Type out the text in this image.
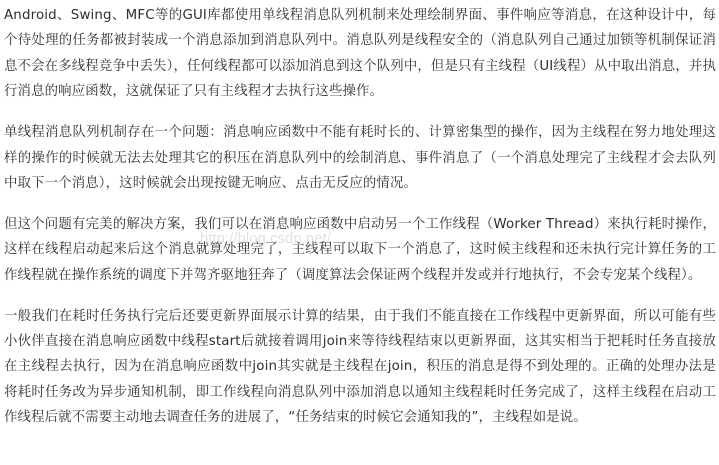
Android、Swing、MFC等的GUI库都使用单线程消息队列机制来处理绘制界面、事件响应等消息，在这种设计中，每个待处理的任务都被封装成一个消息添加到消息队列中。消息队列是线程安全的（消息队列自己通过加锁等机制保证消息不会在多线程竞争中丢失），任何线程都可以添加消息到这个队列中，但是只有主线程（UI线程）从中取出消息，并执行消息的响应函数，这就保证了只有主线程才去执行这些操作。

单线程消息队列机制存在一个问题：消息响应函数中不能有耗时长的、计算密集型的操作，因为主线程在努力地处理这样的操作的时候就无法去处理其它的积压在消息队列中的绘制消息、事件消息了（一个消息处理完了主线程才会去队列中取下一个消息），这时候就会出现按键无响应、点击无反应的情况。

但这个问题有完美的解决方案，我们可以在消息响应函数中启动另一个工作线程（Worker Thread）来执行耗时操作，这样在线程启动起来后这个消息就算处理完了，主线程可以取下一个消息了，这时候主线程和还未执行完计算任务的工作线程就在操作系统的调度下并驾齐驱地狂奔了（调度算法会保证两个线程并发或并行地执行，不会专宠某个线程）。

一般我们在耗时任务执行完后还要更新界面展示计算的结果，由于我们不能直接在工作线程中更新界面，所以可能有些小伙伴直接在消息响应函数中线程start后就接着调用join来等待线程结束以更新界面，这其实相当于把耗时任务直接放在主线程去执行，因为在消息响应函数中join其实就是主线程在join，积压的消息是得不到处理的。正确的处理办法是将耗时任务改为异步通知机制，即工作线程向消息队列中添加消息以通知主线程耗时任务完成了，这样主线程在启动工作线程后就不需要主动地去调查任务的进展了，“任务结束的时候它会通知我的”，主线程如是说。

http://blog.csdn.net/
